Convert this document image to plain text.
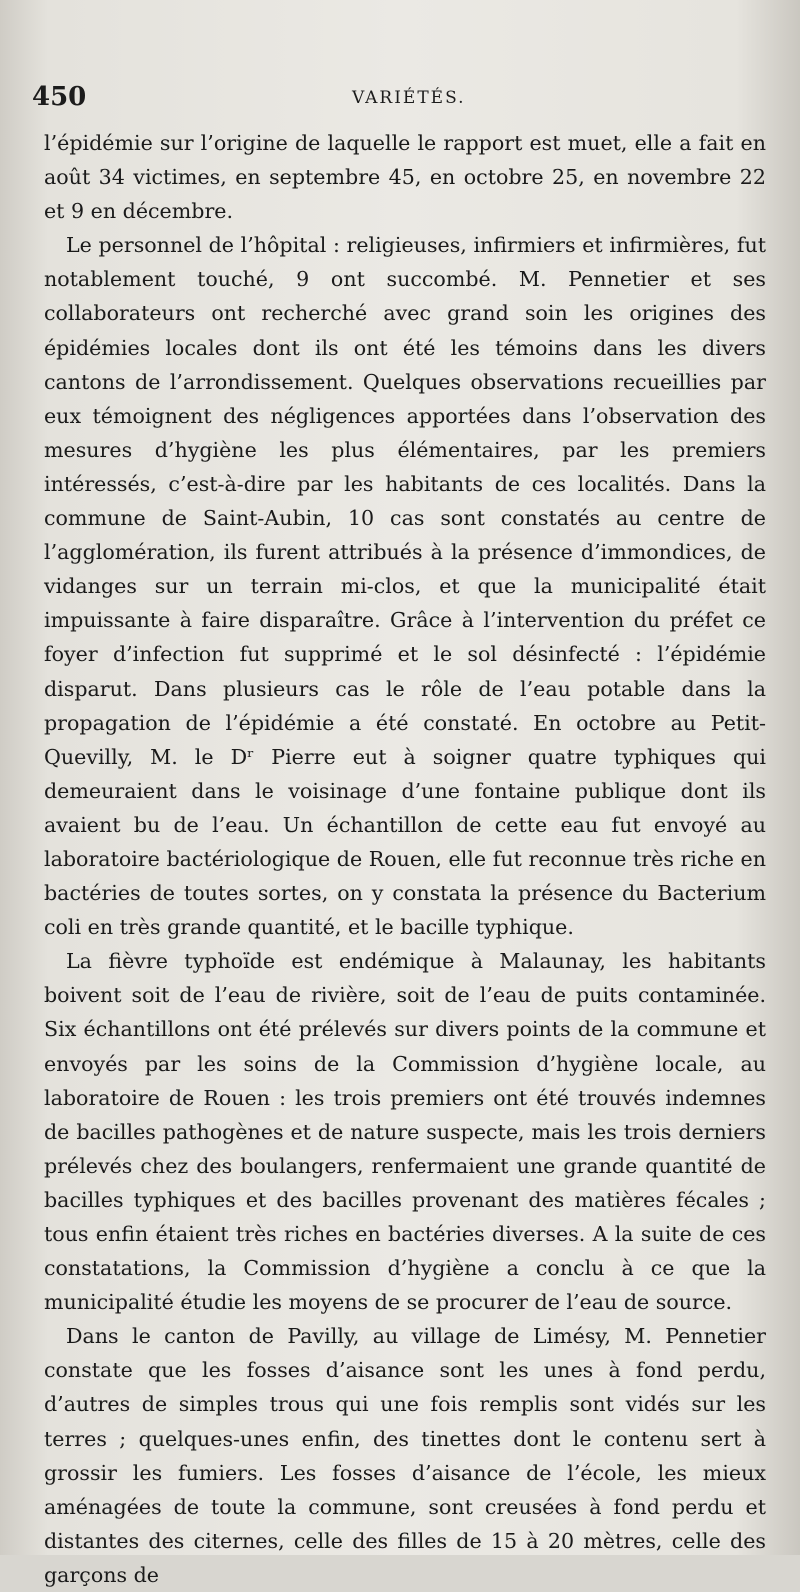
450	VARIÉTÉS.

l’épidémie sur l’origine de laquelle le rapport est muet, elle a fait en août 34 victimes, en septembre 45, en octobre 25, en novembre 22 et 9 en décembre.

Le personnel de l’hôpital : religieuses, infirmiers et infirmières, fut notablement touché, 9 ont succombé. M. Pennetier et ses collaborateurs ont recherché avec grand soin les origines des épidémies locales dont ils ont été les témoins dans les divers cantons de l’arrondissement. Quelques observations recueillies par eux témoignent des négligences apportées dans l’observation des mesures d’hygiène les plus élémentaires, par les premiers intéressés, c’est-à-dire par les habitants de ces localités. Dans la commune de Saint-Aubin, 10 cas sont constatés au centre de l’agglomération, ils furent attribués à la présence d’immondices, de vidanges sur un terrain mi-clos, et que la municipalité était impuissante à faire disparaître. Grâce à l’intervention du préfet ce foyer d’infection fut supprimé et le sol désinfecté : l’épidémie disparut. Dans plusieurs cas le rôle de l’eau potable dans la propagation de l’épidémie a été constaté. En octobre au Petit-Quevilly, M. le Dʳ Pierre eut à soigner quatre typhiques qui demeuraient dans le voisinage d’une fontaine publique dont ils avaient bu de l’eau. Un échantillon de cette eau fut envoyé au laboratoire bactériologique de Rouen, elle fut reconnue très riche en bactéries de toutes sortes, on y constata la présence du Bacterium coli en très grande quantité, et le bacille typhique.

La fièvre typhoïde est endémique à Malaunay, les habitants boivent soit de l’eau de rivière, soit de l’eau de puits contaminée. Six échantillons ont été prélevés sur divers points de la commune et envoyés par les soins de la Commission d’hygiène locale, au laboratoire de Rouen : les trois premiers ont été trouvés indemnes de bacilles pathogènes et de nature suspecte, mais les trois derniers prélevés chez des boulangers, renfermaient une grande quantité de bacilles typhiques et des bacilles provenant des matières fécales ; tous enfin étaient très riches en bactéries diverses. A la suite de ces constatations, la Commission d’hygiène a conclu à ce que la municipalité étudie les moyens de se procurer de l’eau de source.

Dans le canton de Pavilly, au village de Limésy, M. Pennetier constate que les fosses d’aisance sont les unes à fond perdu, d’autres de simples trous qui une fois remplis sont vidés sur les terres ; quelques-unes enfin, des tinettes dont le contenu sert à grossir les fumiers. Les fosses d’aisance de l’école, les mieux aménagées de toute la commune, sont creusées à fond perdu et distantes des citernes, celle des filles de 15 à 20 mètres, celle des garçons de
